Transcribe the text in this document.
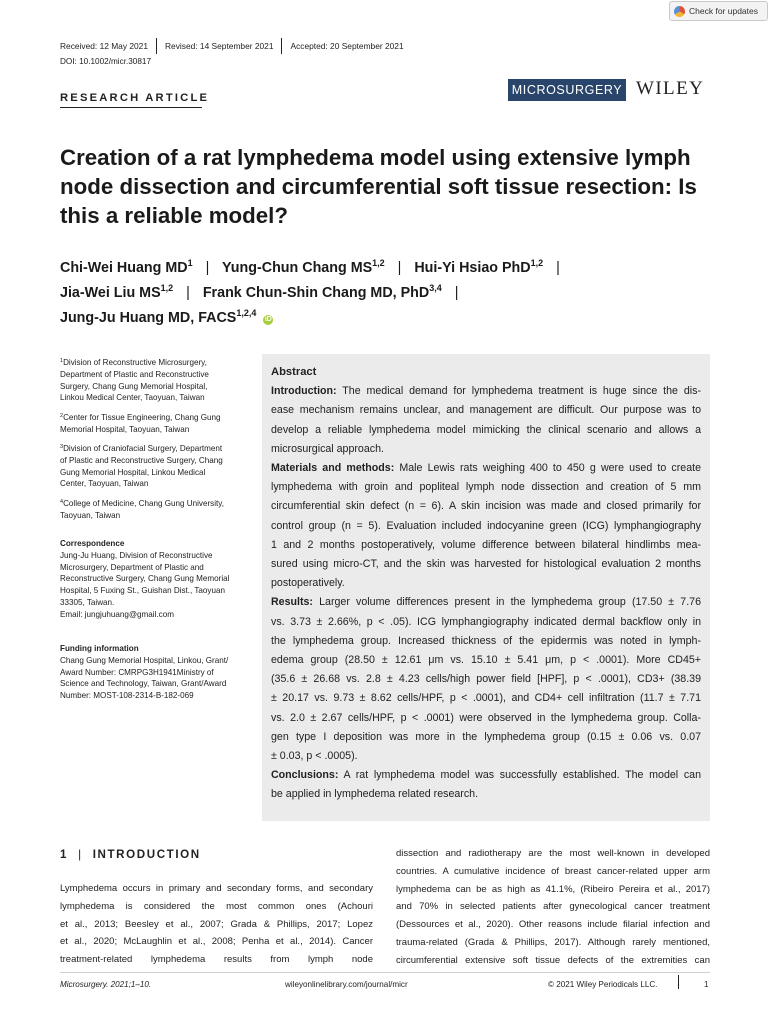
Check for updates
Received: 12 May 2021 Revised: 14 September 2021 Accepted: 20 September 2021
DOI: 10.1002/micr.30817
RESEARCH ARTICLE
MICROSURGERY WILEY
Creation of a rat lymphedema model using extensive lymph
node dissection and circumferential soft tissue resection: Is
this a reliable model?
Chi-Wei Huang $MD^1$ | Yung-Chun Chang MS$^{1,2}$ | Hui-Yi Hsiao PhD$^{1,2}$ |
Jia-Wei Liu MS$^{1,2}$ | Frank Chun-Shin Chang MD, PhD$^{3,4}$ |
Jung-Ju Huang MD, FACS$^{1,2,4}$ iD
$^1$Division of Reconstructive Microsurgery,
Department of Plastic and Reconstructive
Surgery, Chang Gung Memorial Hospital,
Linkou Medical Center, Taoyuan, Taiwan
$^2$Center for Tissue Engineering, Chang Gung
Memorial Hospital, Taoyuan, Taiwan
$^3$Division of Craniofacial Surgery, Department
of Plastic and Reconstructive Surgery, Chang
Gung Memorial Hospital, Linkou Medical
Center, Taoyuan, Taiwan
$^4$College of Medicine, Chang Gung University,
Taoyuan, Taiwan
Correspondence
Jung-Ju Huang, Division of Reconstructive
Microsurgery, Department of Plastic and
Reconstructive Surgery, Chang Gung Memorial
Hospital, 5 Fuxing St., Guishan Dist., Taoyuan
33305, Taiwan.
Email: jungjuhuang@gmail.com
Funding information
Chang Gung Memorial Hospital, Linkou, Grant/
Award Number: CMRPG3H1941Ministry of
Science and Technology, Taiwan, Grant/Award
Number: MOST-108-2314-B-182-069
Abstract
Introduction: The medical demand for lymphedema treatment is huge since the dis-
ease mechanism remains unclear, and management are difficult. Our purpose was to
develop a reliable lymphedema model mimicking the clinical scenario and allows a
microsurgical approach.
Materials and methods: Male Lewis rats weighing 400 to 450 g were used to create
lymphedema with groin and popliteal lymph node dissection and creation of 5 mm
circumferential skin defect (n = 6). A skin incision was made and closed primarily for
control group (n = 5). Evaluation included indocyanine green (ICG) lymphangiography
1 and 2 months postoperatively, volume difference between bilateral hindlimbs mea-
sured using micro-CT, and the skin was harvested for histological evaluation 2 months
postoperatively.
Results: Larger volume differences present in the lymphedema group (17.50 ± 7.76
vs. 3.73 ± 2.66%, p < .05). ICG lymphangiography indicated dermal backflow only in
the lymphedema group. Increased thickness of the epidermis was noted in lymph-
edema group (28.50 ± 12.61 μm vs. 15.10 ± 5.41 μm, p < .0001). More CD45+
(35.6 ± 26.68 vs. 2.8 ± 4.23 cells/high power field [HPF], p < .0001), CD3+ (38.39
± 20.17 vs. 9.73 ± 8.62 cells/HPF, p < .0001), and CD4+ cell infiltration (11.7 ± 7.71
vs. 2.0 ± 2.67 cells/HPF, p < .0001) were observed in the lymphedema group. Colla-
gen type I deposition was more in the lymphedema group (0.15 ± 0.06 vs. 0.07
± 0.03, p < .0005).
Conclusions: A rat lymphedema model was successfully established. The model can
be applied in lymphedema related research.
1 | INTRODUCTION
Lymphedema occurs in primary and secondary forms, and secondary
lymphedema is considered the most common ones (Achouri
et al., 2013; Beesley et al., 2007; Grada & Phillips, 2017; Lopez
et al., 2020; McLaughlin et al., 2008; Penha et al., 2014). Cancer
treatment-related lymphedema results from lymph node
dissection and radiotherapy are the most well-known in developed
countries. A cumulative incidence of breast cancer-related upper arm
lymphedema can be as high as 41.1%, (Ribeiro Pereira et al., 2017)
and 70% in selected patients after gynecological cancer treatment
(Dessources et al., 2020). Other reasons include filarial infection and
trauma-related (Grada & Phillips, 2017). Although rarely mentioned,
circumferential extensive soft tissue defects of the extremities can
Microsurgery. 2021;1–10.	wileyonlinelibrary.com/journal/micr	© 2021 Wiley Periodicals LLC.	1
